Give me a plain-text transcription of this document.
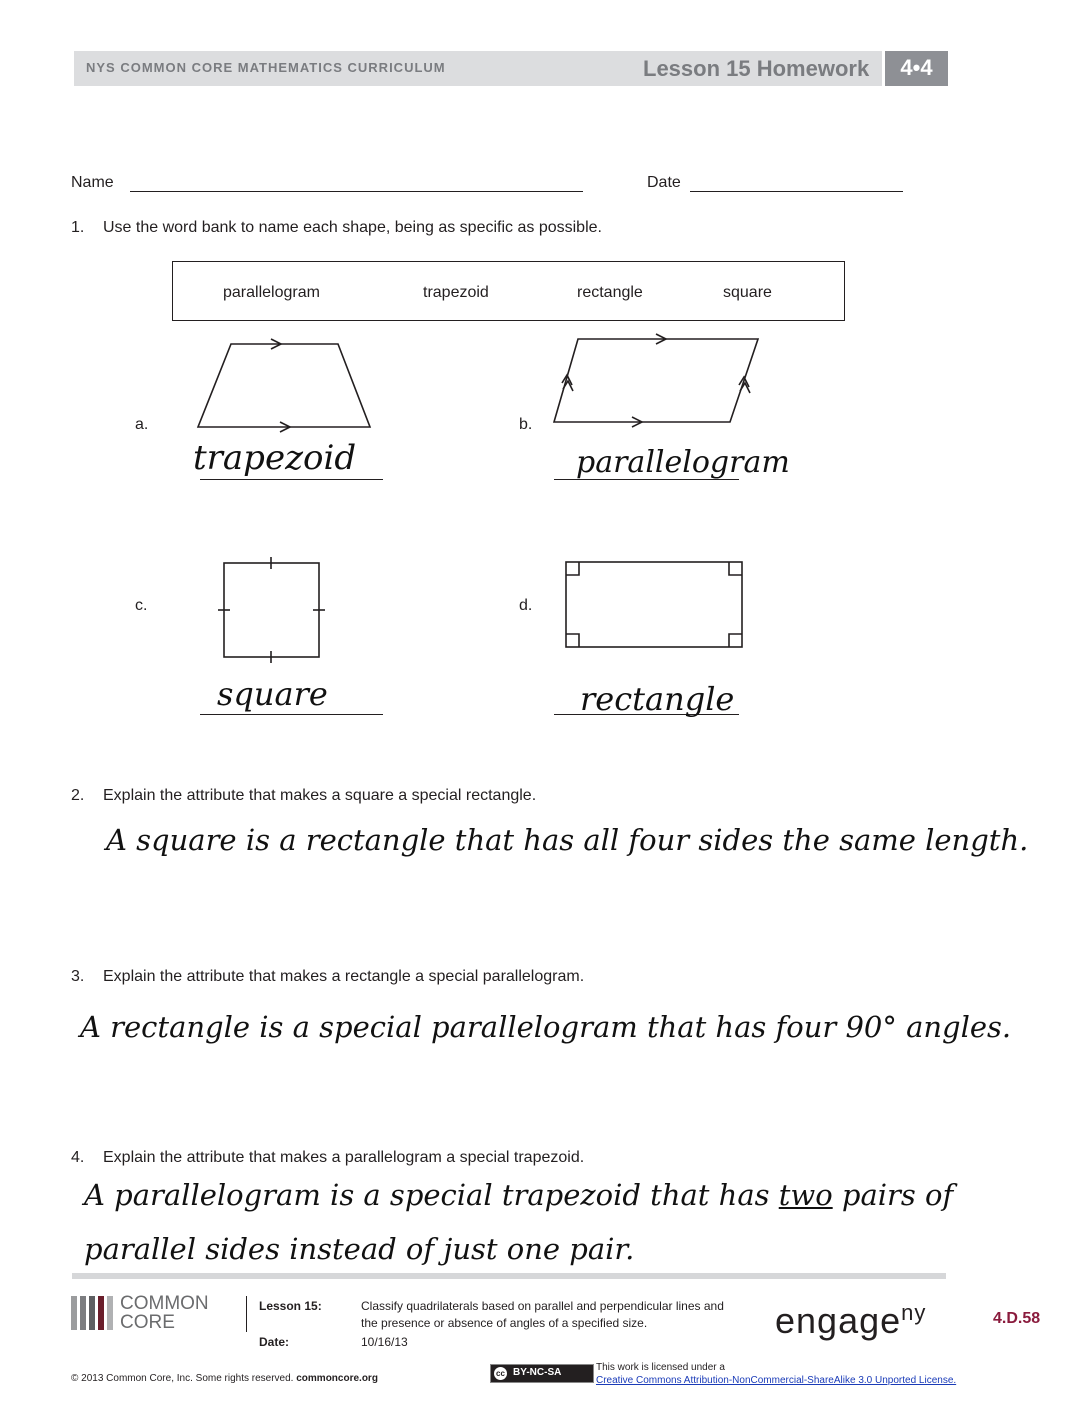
NYS COMMON CORE MATHEMATICS CURRICULUM	Lesson 15 Homework	4•4
Name	Date
1. Use the word bank to name each shape, being as specific as possible.
parallelogram	trapezoid	rectangle	square
a.	b.
c.	d.
trapezoid	parallelogram
square	rectangle
2. Explain the attribute that makes a square a special rectangle.
A square is a rectangle that has all four sides the same length.
3. Explain the attribute that makes a rectangle a special parallelogram.
A rectangle is a special parallelogram that has four 90° angles.
4. Explain the attribute that makes a parallelogram a special trapezoid.
A parallelogram is a special trapezoid that has two pairs of
parallel sides instead of just one pair.
COMMON
CORE
Lesson 15:	Classify quadrilaterals based on parallel and perpendicular lines and
the presence or absence of angles of a specified size.
Date:	10/16/13
engage$^{ny}$	4.D.58
© 2013 Common Core, Inc. Some rights reserved. commoncore.org	cc BY-NC-SA	This work is licensed under a
Creative Commons Attribution-NonCommercial-ShareAlike 3.0 Unported License.
